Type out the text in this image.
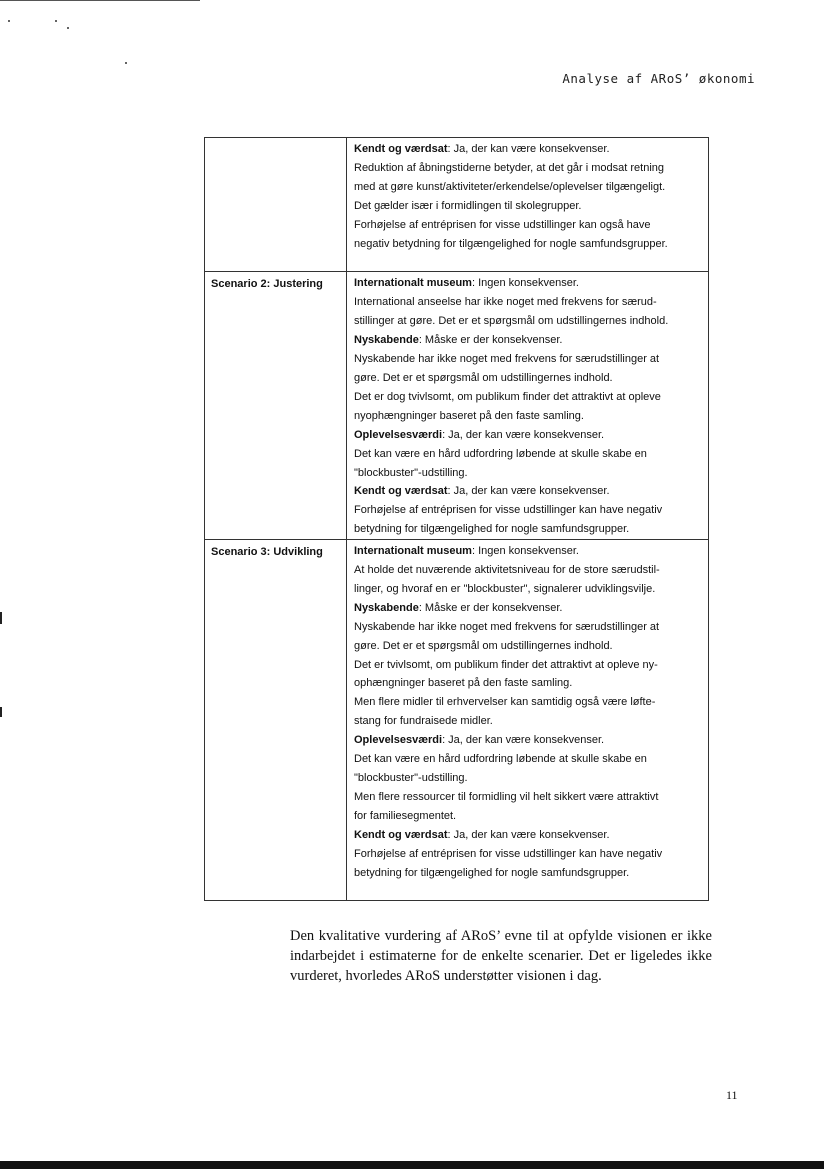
Analyse af ARoS’ økonomi
Kendt og værdsat: Ja, der kan være konsekvenser.
Reduktion af åbningstiderne betyder, at det går i modsat retning
med at gøre kunst/aktiviteter/erkendelse/oplevelser tilgængeligt.
Det gælder især i formidlingen til skolegrupper.
Forhøjelse af entréprisen for visse udstillinger kan også have
negativ betydning for tilgængelighed for nogle samfundsgrupper.
Scenario 2: Justering	Internationalt museum: Ingen konsekvenser.
International anseelse har ikke noget med frekvens for særud-
stillinger at gøre. Det er et spørgsmål om udstillingernes indhold.
Nyskabende: Måske er der konsekvenser.
Nyskabende har ikke noget med frekvens for særudstillinger at
gøre. Det er et spørgsmål om udstillingernes indhold.
Det er dog tvivlsomt, om publikum finder det attraktivt at opleve
nyophængninger baseret på den faste samling.
Oplevelsesværdi: Ja, der kan være konsekvenser.
Det kan være en hård udfordring løbende at skulle skabe en
"blockbuster"-udstilling.
Kendt og værdsat: Ja, der kan være konsekvenser.
Forhøjelse af entréprisen for visse udstillinger kan have negativ
betydning for tilgængelighed for nogle samfundsgrupper.
Scenario 3: Udvikling	Internationalt museum: Ingen konsekvenser.
At holde det nuværende aktivitetsniveau for de store særudstil-
linger, og hvoraf en er "blockbuster", signalerer udviklingsvilje.
Nyskabende: Måske er der konsekvenser.
Nyskabende har ikke noget med frekvens for særudstillinger at
gøre. Det er et spørgsmål om udstillingernes indhold.
Det er tvivlsomt, om publikum finder det attraktivt at opleve ny-
ophængninger baseret på den faste samling.
Men flere midler til erhvervelser kan samtidig også være løfte-
stang for fundraisede midler.
Oplevelsesværdi: Ja, der kan være konsekvenser.
Det kan være en hård udfordring løbende at skulle skabe en
"blockbuster"-udstilling.
Men flere ressourcer til formidling vil helt sikkert være attraktivt
for familiesegmentet.
Kendt og værdsat: Ja, der kan være konsekvenser.
Forhøjelse af entréprisen for visse udstillinger kan have negativ
betydning for tilgængelighed for nogle samfundsgrupper.
Den kvalitative vurdering af ARoS’ evne til at opfylde visionen er ikke indarbejdet i estimaterne for de enkelte scenarier. Det er ligeledes ikke vurderet, hvorledes ARoS understøtter visionen i dag.
11
